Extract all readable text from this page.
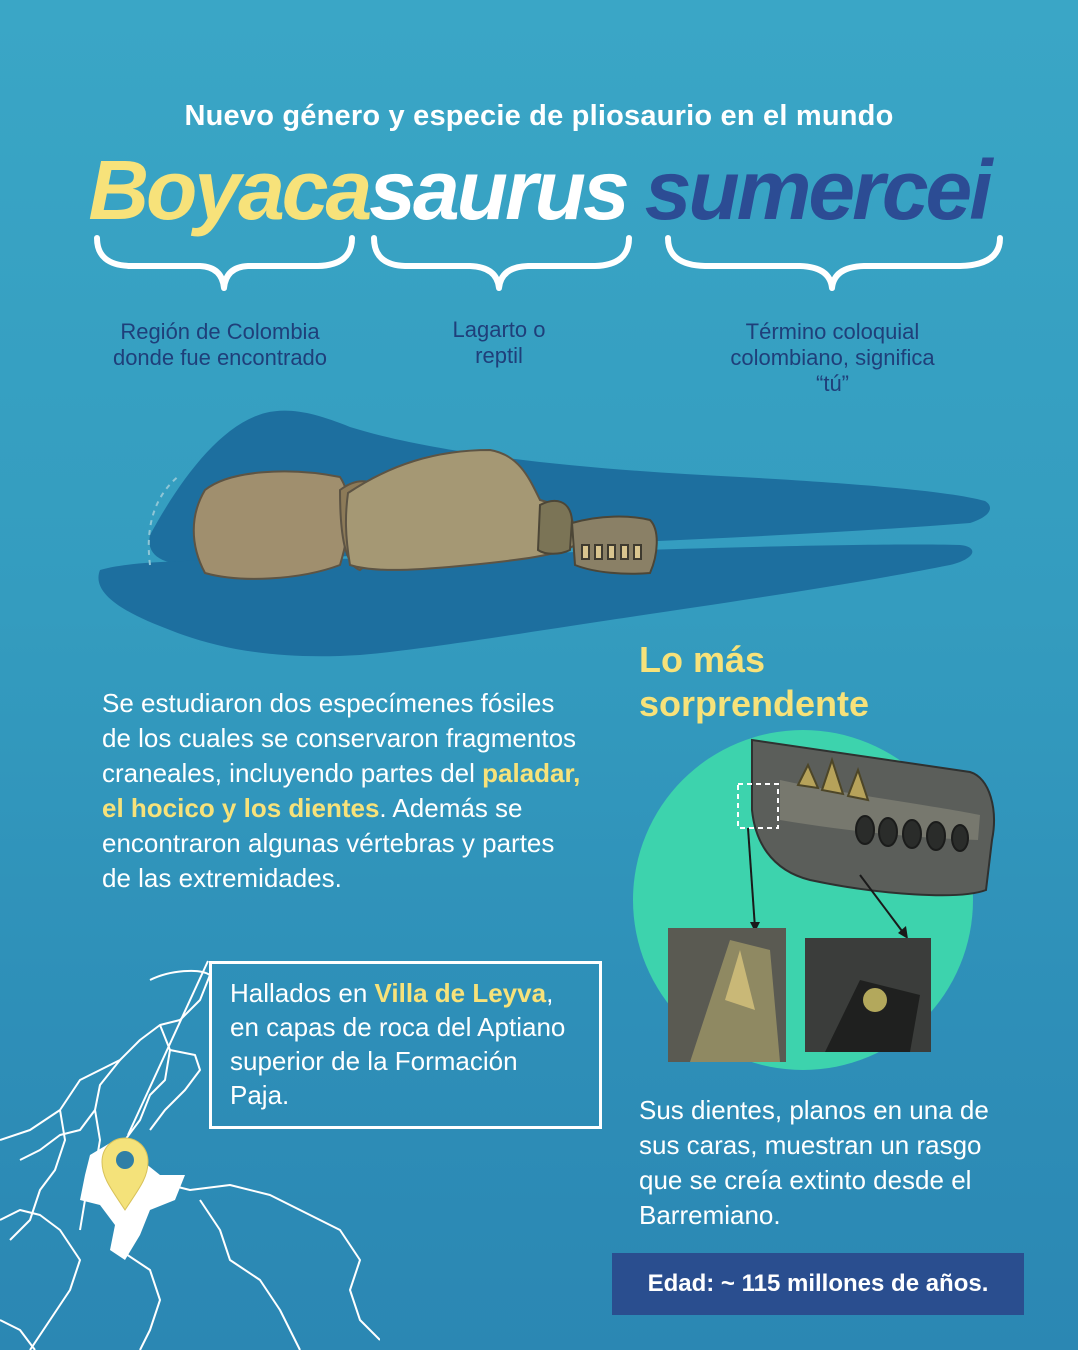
Nuevo género y especie de pliosaurio en el mundo
Boyacasaurus sumercei
Región de Colombia donde fue encontrado
Lagarto o reptil
Término coloquial colombiano, significa “tú”
Se estudiaron dos especímenes fósiles de los cuales se conservaron fragmentos craneales, incluyendo partes del paladar, el hocico y los dientes. Además se encontraron algunas vértebras y partes de las extremidades.
Lo más
sorprendente
Sus dientes, planos en una de sus caras, muestran un rasgo que se creía extinto desde el Barremiano.
Hallados en Villa de Leyva, en capas de roca del Aptiano superior de la Formación Paja.
Edad: ~ 115 millones de años.
